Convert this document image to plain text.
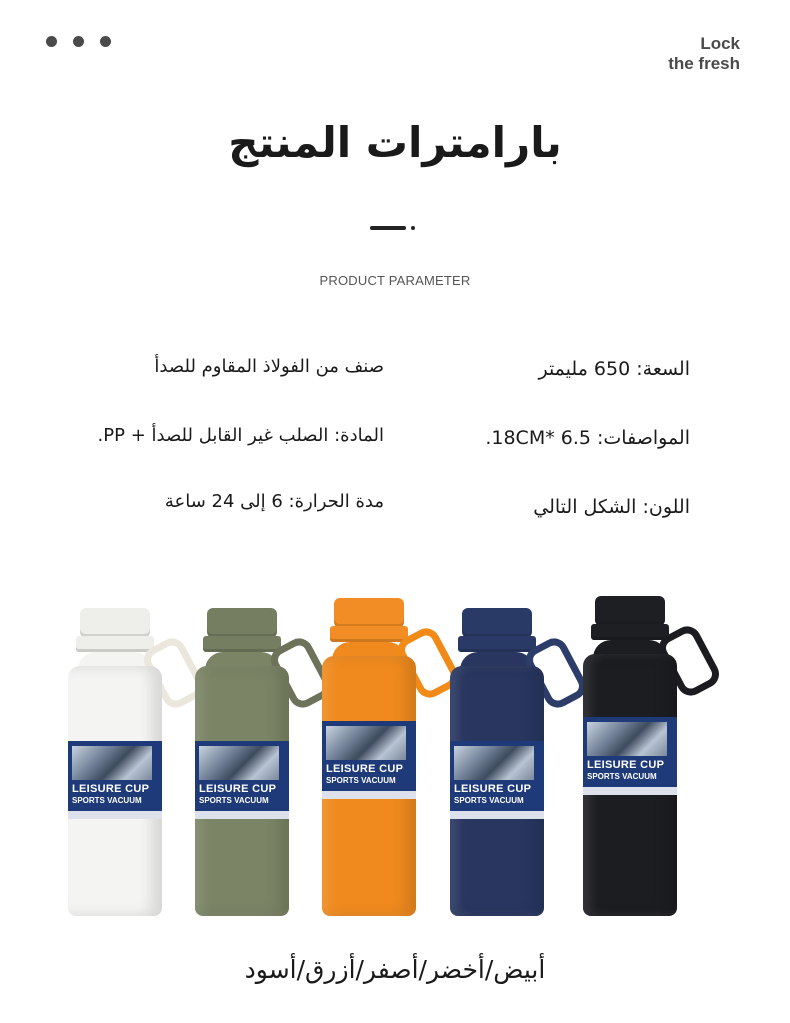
Lock
the fresh
بارامترات المنتج
PRODUCT PARAMETER
السعة: 650 مليمتر
المواصفات: 6.5 *18CM.
اللون: الشكل التالي
صنف من الفولاذ المقاوم للصدأ
المادة: الصلب غير القابل للصدأ + PP.
مدة الحرارة: 6 إلى 24 ساعة
LEISURE CUP
SPORTS VACUUM
LEISURE CUP
SPORTS VACUUM
LEISURE CUP
SPORTS VACUUM
LEISURE CUP
SPORTS VACUUM
LEISURE CUP
SPORTS VACUUM
أبيض/أخضر/أصفر/أزرق/أسود
